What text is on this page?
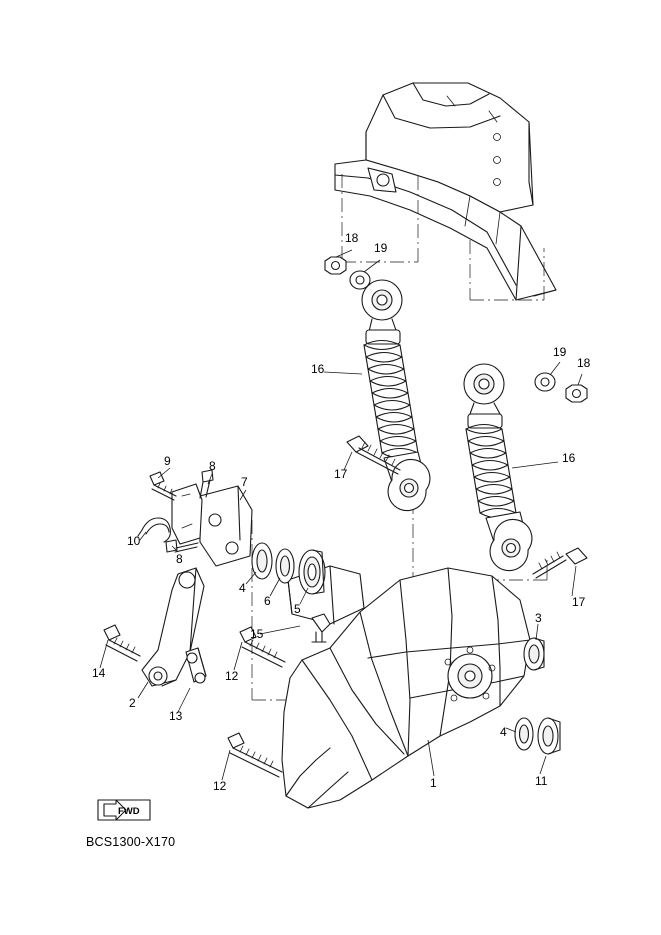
18
19
16
19
18
16
17
17
9	8
7
10
8
4
6
5
3
15
14	12
2
13
4
11
12	1
FWD
BCS1300-X170
